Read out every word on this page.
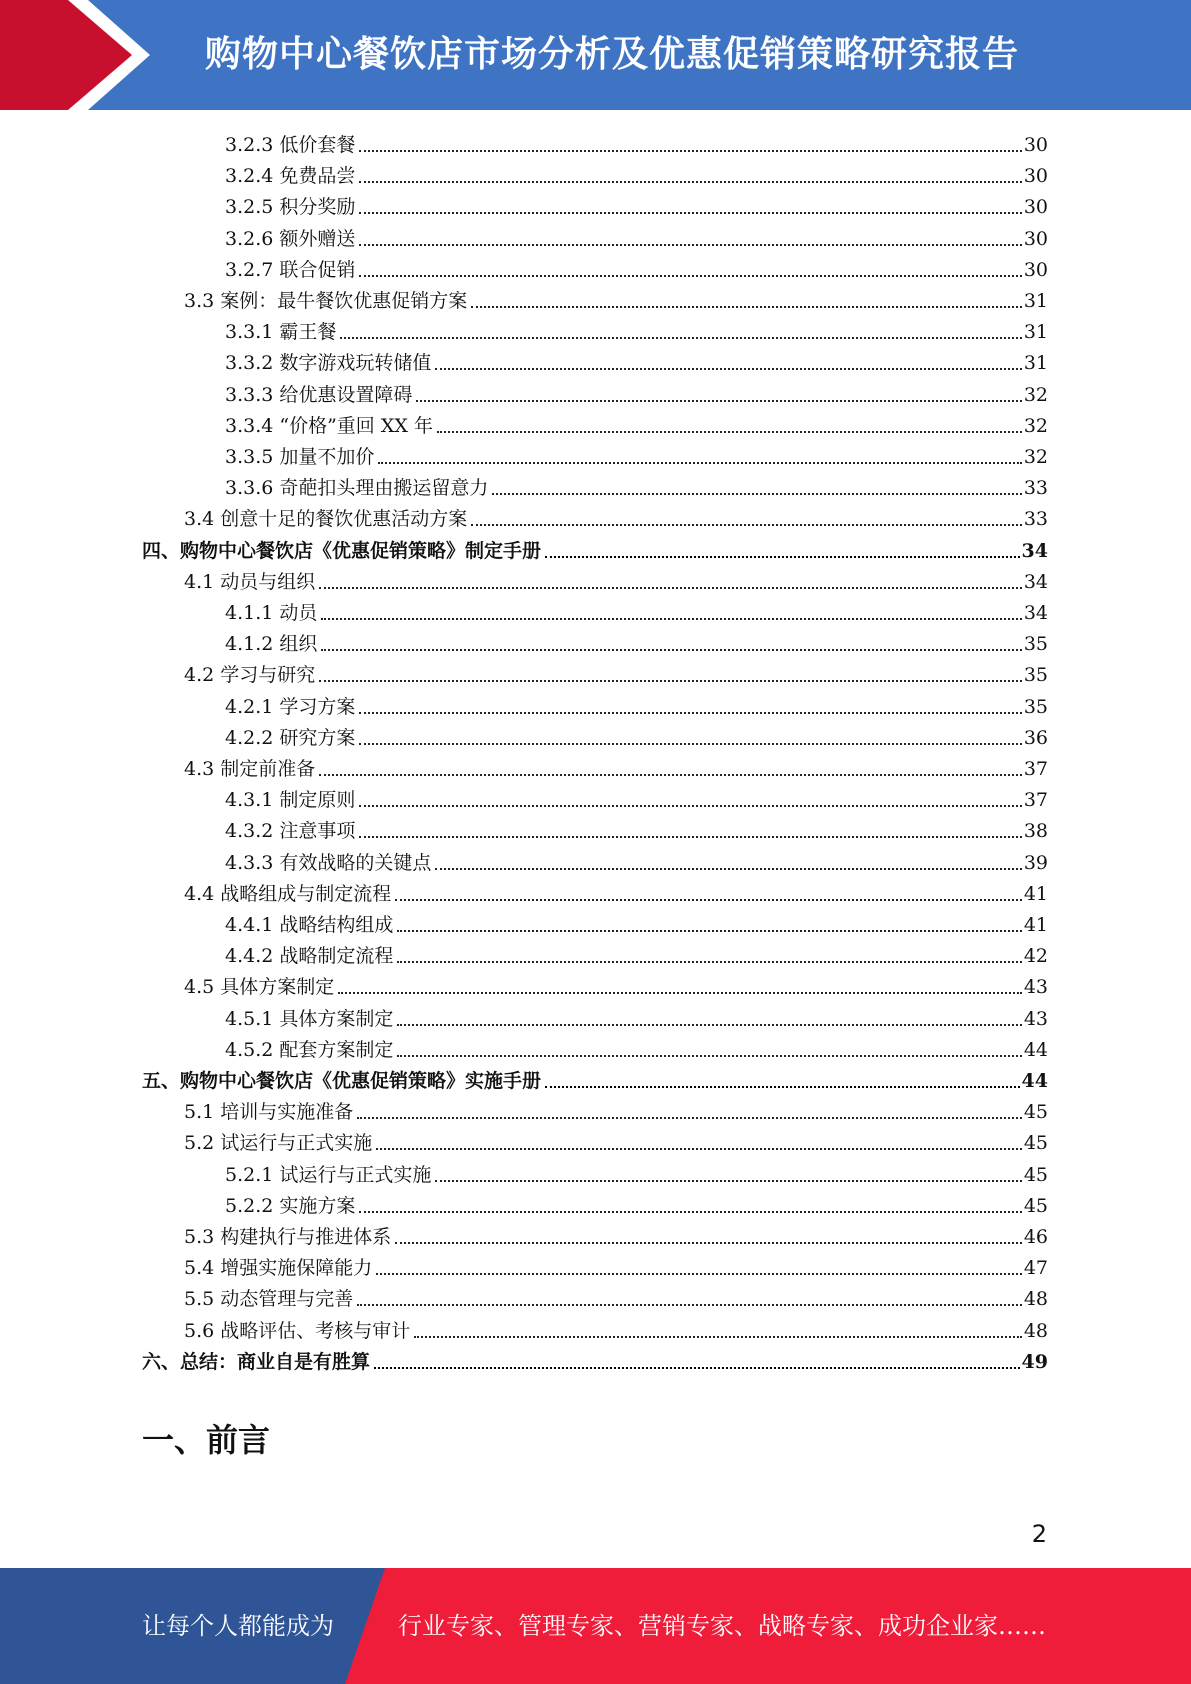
购物中心餐饮店市场分析及优惠促销策略研究报告
3.2.3 低价套餐	30
3.2.4 免费品尝	30
3.2.5 积分奖励	30
3.2.6 额外赠送	30
3.2.7 联合促销	30
3.3 案例：最牛餐饮优惠促销方案	31
3.3.1 霸王餐	31
3.3.2 数字游戏玩转储值	31
3.3.3 给优惠设置障碍	32
3.3.4 “价格”重回 XX 年	32
3.3.5 加量不加价	32
3.3.6 奇葩扣头理由搬运留意力	33
3.4 创意十足的餐饮优惠活动方案	33
四、购物中心餐饮店《优惠促销策略》制定手册	34
4.1 动员与组织	34
4.1.1 动员	34
4.1.2 组织	35
4.2 学习与研究	35
4.2.1 学习方案	35
4.2.2 研究方案	36
4.3 制定前准备	37
4.3.1 制定原则	37
4.3.2 注意事项	38
4.3.3 有效战略的关键点	39
4.4 战略组成与制定流程	41
4.4.1 战略结构组成	41
4.4.2 战略制定流程	42
4.5 具体方案制定	43
4.5.1 具体方案制定	43
4.5.2 配套方案制定	44
五、购物中心餐饮店《优惠促销策略》实施手册	44
5.1 培训与实施准备	45
5.2 试运行与正式实施	45
5.2.1 试运行与正式实施	45
5.2.2 实施方案	45
5.3 构建执行与推进体系	46
5.4 增强实施保障能力	47
5.5 动态管理与完善	48
5.6 战略评估、考核与审计	48
六、总结：商业自是有胜算	49
一、前言
2
让每个人都能成为	行业专家、管理专家、营销专家、战略专家、成功企业家……
